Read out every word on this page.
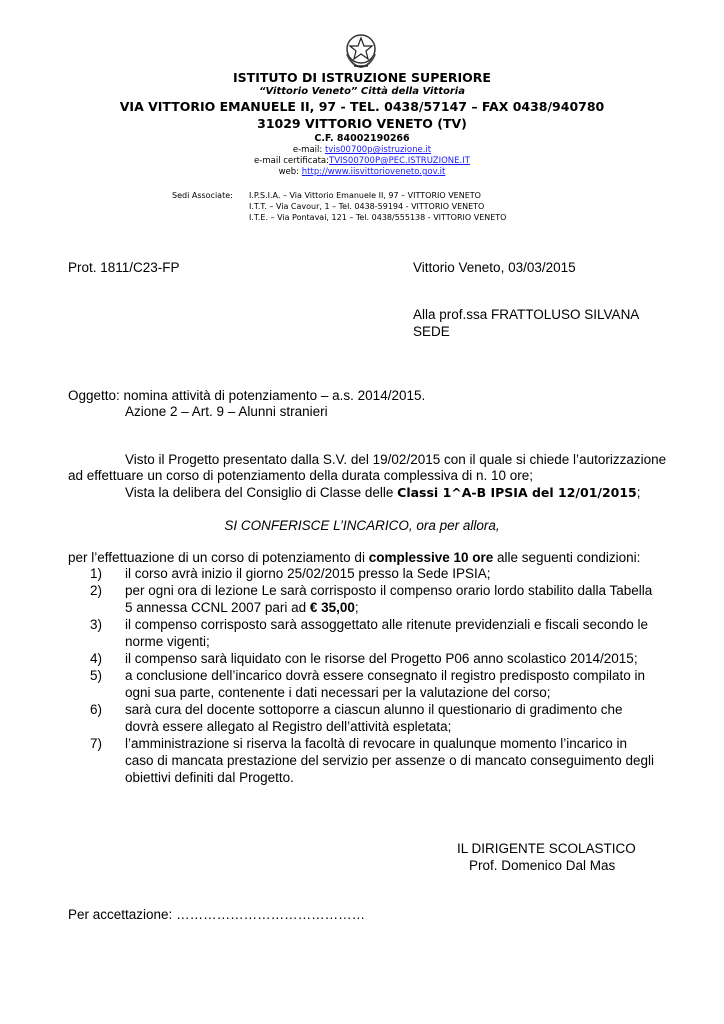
ISTITUTO DI ISTRUZIONE SUPERIORE
“Vittorio Veneto” Città della Vittoria
VIA VITTORIO EMANUELE II, 97 - TEL. 0438/57147 – FAX 0438/940780
31029 VITTORIO VENETO (TV)
C.F. 84002190266
e-mail: tvis00700p@istruzione.it
e-mail certificata:TVIS00700P@PEC.ISTRUZIONE.IT
web: http://www.iisvittorioveneto.gov.it
Sedi Associate: I.P.S.I.A. – Via Vittorio Emanuele II, 97 – VITTORIO VENETO
I.T.T. – Via Cavour, 1 – Tel. 0438-59194 - VITTORIO VENETO
I.T.E. – Via Pontavai, 121 – Tel. 0438/555138 - VITTORIO VENETO
Prot. 1811/C23-FP	Vittorio Veneto, 03/03/2015
Alla prof.ssa FRATTOLUSO SILVANA
SEDE
Oggetto: nomina attività di potenziamento – a.s. 2014/2015.
Azione 2 – Art. 9 – Alunni stranieri
Visto il Progetto presentato dalla S.V. del 19/02/2015 con il quale si chiede l’autorizzazione
ad effettuare un corso di potenziamento della durata complessiva di n. 10 ore;
Vista la delibera del Consiglio di Classe delle Classi 1^A-B IPSIA del 12/01/2015;
SI CONFERISCE L’INCARICO, ora per allora,
per l’effettuazione di un corso di potenziamento di complessive 10 ore alle seguenti condizioni:
1)	il corso avrà inizio il giorno 25/02/2015 presso la Sede IPSIA;
2)	per ogni ora di lezione Le sarà corrisposto il compenso orario lordo stabilito dalla Tabella
5 annessa CCNL 2007 pari ad € 35,00;
3)	il compenso corrisposto sarà assoggettato alle ritenute previdenziali e fiscali secondo le
norme vigenti;
4)	il compenso sarà liquidato con le risorse del Progetto P06 anno scolastico 2014/2015;
5)	a conclusione dell’incarico dovrà essere consegnato il registro predisposto compilato in
ogni sua parte, contenente i dati necessari per la valutazione del corso;
6)	sarà cura del docente sottoporre a ciascun alunno il questionario di gradimento che
dovrà essere allegato al Registro dell’attività espletata;
7)	l’amministrazione si riserva la facoltà di revocare in qualunque momento l’incarico in
caso di mancata prestazione del servizio per assenze o di mancato conseguimento degli
obiettivi definiti dal Progetto.
IL DIRIGENTE SCOLASTICO
Prof. Domenico Dal Mas
Per accettazione: ……………………………………
